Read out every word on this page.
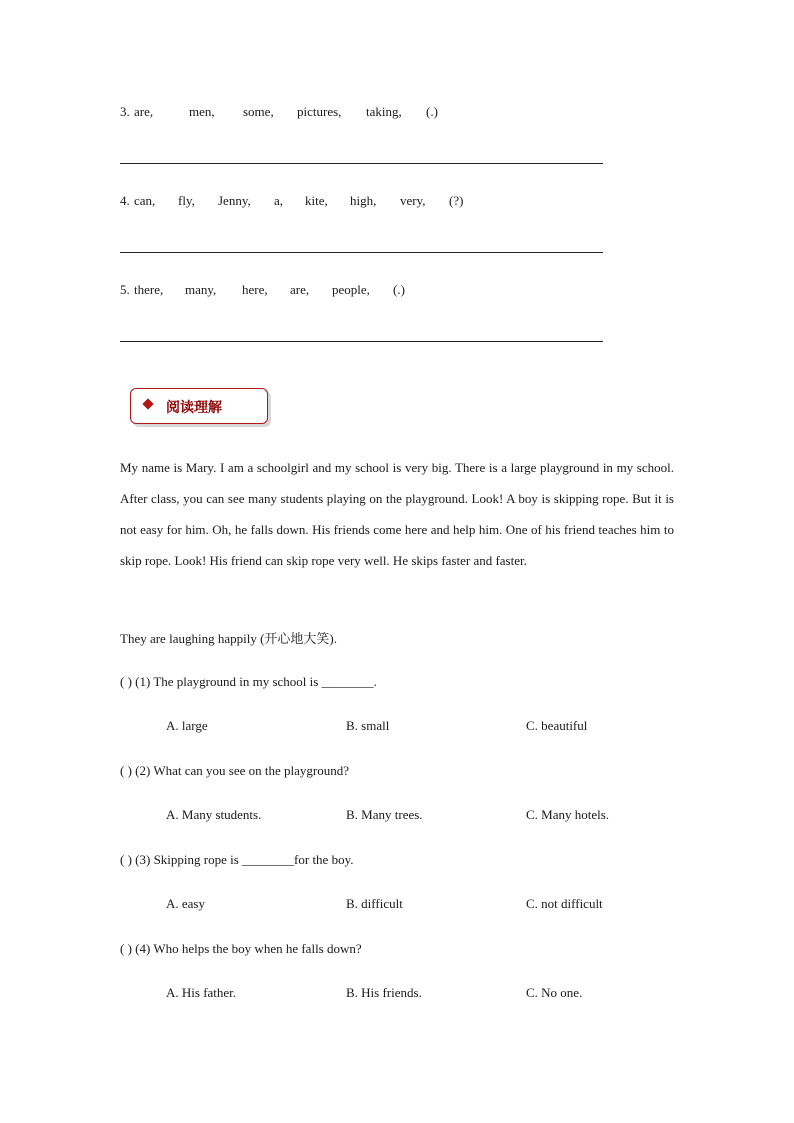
3. are,	men,	some,	pictures,	taking,	(.)
4. can,	fly,	Jenny,	a,	kite,	high,	very,	(?)
5. there,	many,	here,	are,	people,	(.)
阅读理解
My name is Mary. I am a schoolgirl and my school is very big. There is a large playground in my school. After class, you can see many students playing on the playground. Look! A boy is skipping rope. But it is not easy for him. Oh, he falls down. His friends come here and help him. One of his friend teaches him to skip rope. Look! His friend can skip rope very well. He skips faster and faster.
They are laughing happily (开心地大笑).
( ) (1) The playground in my school is ________.
A. large	B. small	C. beautiful
( ) (2) What can you see on the playground?
A. Many students.	B. Many trees.	C. Many hotels.
( ) (3) Skipping rope is ________for the boy.
A. easy	B. difficult	C. not difficult
( ) (4) Who helps the boy when he falls down?
A. His father.	B. His friends.	C. No one.
